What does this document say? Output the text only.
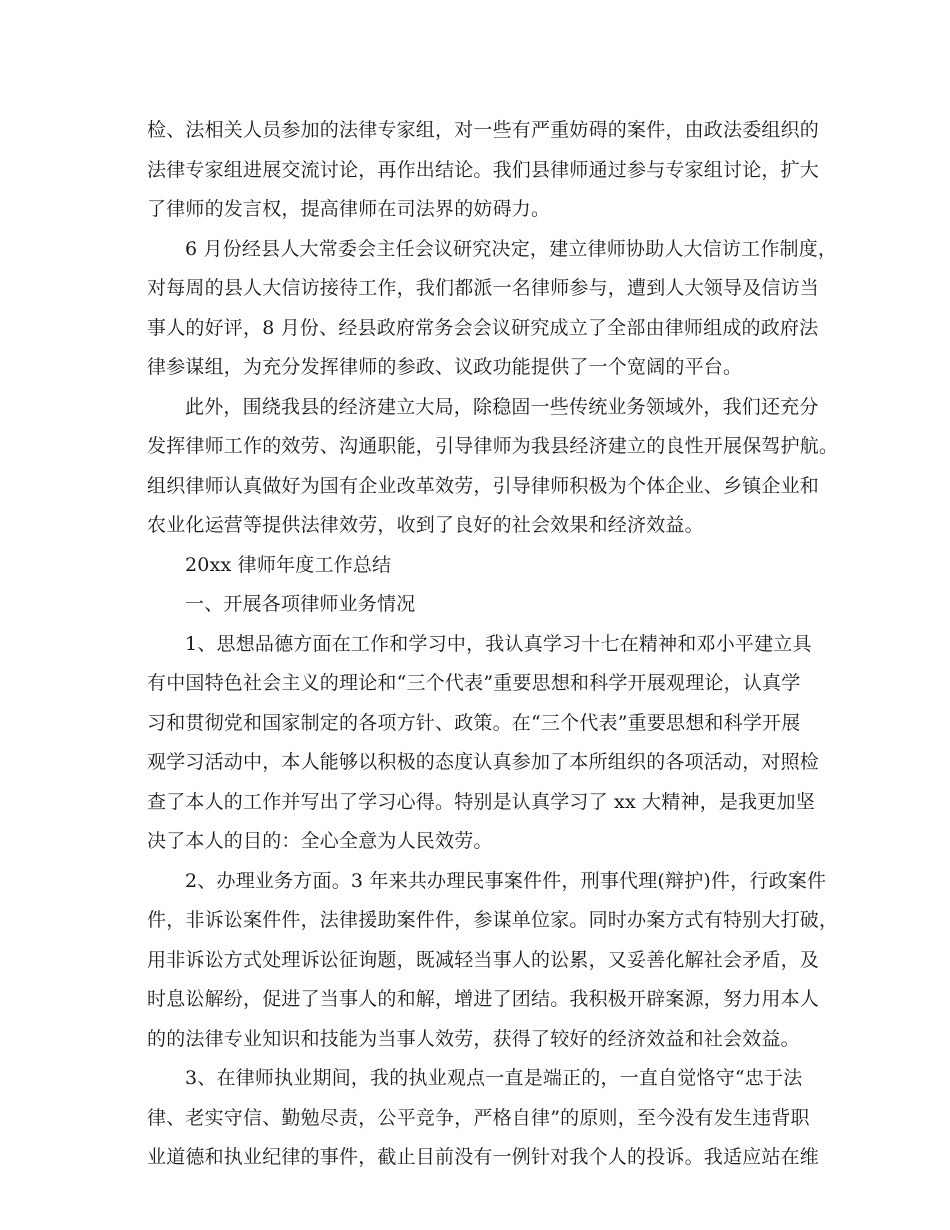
检、法相关人员参加的法律专家组，对一些有严重妨碍的案件，由政法委组织的
法律专家组进展交流讨论，再作出结论。我们县律师通过参与专家组讨论，扩大
了律师的发言权，提高律师在司法界的妨碍力。
6 月份经县人大常委会主任会议研究决定，建立律师协助人大信访工作制度，
对每周的县人大信访接待工作，我们都派一名律师参与，遭到人大领导及信访当
事人的好评，8 月份、经县政府常务会会议研究成立了全部由律师组成的政府法
律参谋组，为充分发挥律师的参政、议政功能提供了一个宽阔的平台。
此外，围绕我县的经济建立大局，除稳固一些传统业务领域外，我们还充分
发挥律师工作的效劳、沟通职能，引导律师为我县经济建立的良性开展保驾护航。
组织律师认真做好为国有企业改革效劳，引导律师积极为个体企业、乡镇企业和
农业化运营等提供法律效劳，收到了良好的社会效果和经济效益。
20xx 律师年度工作总结
一、开展各项律师业务情况
1、思想品德方面在工作和学习中，我认真学习十七在精神和邓小平建立具
有中国特色社会主义的理论和“三个代表”重要思想和科学开展观理论，认真学
习和贯彻党和国家制定的各项方针、政策。在“三个代表”重要思想和科学开展
观学习活动中，本人能够以积极的态度认真参加了本所组织的各项活动，对照检
查了本人的工作并写出了学习心得。特别是认真学习了 xx 大精神，是我更加坚
决了本人的目的：全心全意为人民效劳。
2、办理业务方面。3 年来共办理民事案件件，刑事代理(辩护)件，行政案件
件，非诉讼案件件，法律援助案件件，参谋单位家。同时办案方式有特别大打破，
用非诉讼方式处理诉讼征询题，既减轻当事人的讼累，又妥善化解社会矛盾，及
时息讼解纷，促进了当事人的和解，增进了团结。我积极开辟案源，努力用本人
的的法律专业知识和技能为当事人效劳，获得了较好的经济效益和社会效益。
3、在律师执业期间，我的执业观点一直是端正的，一直自觉恪守“忠于法
律、老实守信、勤勉尽责，公平竞争，严格自律”的原则，至今没有发生违背职
业道德和执业纪律的事件，截止目前没有一例针对我个人的投诉。我适应站在维
